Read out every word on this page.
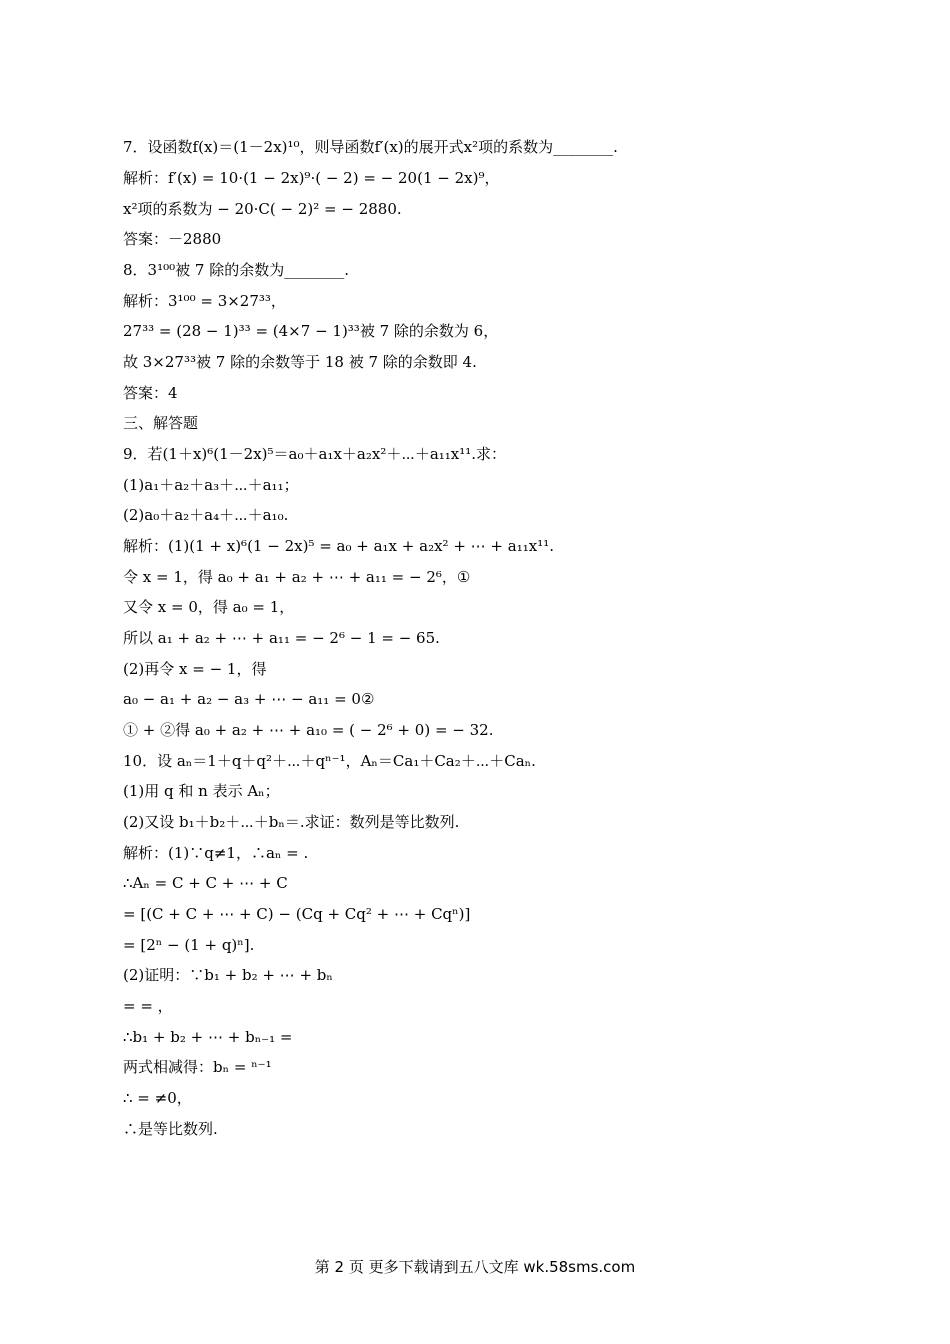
7．设函数f(x)＝(1－2x)¹⁰，则导函数f′(x)的展开式x²项的系数为________.
解析：f′(x) = 10·(1 − 2x)⁹·( − 2) = − 20(1 − 2x)⁹，
x²项的系数为 − 20·C( − 2)² = − 2880.
答案：－2880
8．3¹⁰⁰被 7 除的余数为________.
解析：3¹⁰⁰ = 3×27³³，
27³³ = (28 − 1)³³ = (4×7 − 1)³³被 7 除的余数为 6，
故 3×27³³被 7 除的余数等于 18 被 7 除的余数即 4.
答案：4
三、解答题
9．若(1＋x)⁶(1－2x)⁵＝a₀＋a₁x＋a₂x²＋⋯＋a₁₁x¹¹.求：
(1)a₁＋a₂＋a₃＋⋯＋a₁₁；
(2)a₀＋a₂＋a₄＋⋯＋a₁₀.
解析：(1)(1 + x)⁶(1 − 2x)⁵ = a₀ + a₁x + a₂x² + ⋯ + a₁₁x¹¹.
令 x = 1，得 a₀ + a₁ + a₂ + ⋯ + a₁₁ = − 2⁶，①
又令 x = 0，得 a₀ = 1，
所以 a₁ + a₂ + ⋯ + a₁₁ = − 2⁶ − 1 = − 65.
(2)再令 x = − 1，得
a₀ − a₁ + a₂ − a₃ + ⋯ − a₁₁ = 0②
① + ②得 a₀ + a₂ + ⋯ + a₁₀ = ( − 2⁶ + 0) = − 32.
10．设 aₙ＝1＋q＋q²＋⋯＋qⁿ⁻¹，Aₙ＝Ca₁＋Ca₂＋⋯＋Caₙ.
(1)用 q 和 n 表示 Aₙ；
(2)又设 b₁＋b₂＋⋯＋bₙ＝.求证：数列是等比数列.
解析：(1)∵q≠1，∴aₙ = .
∴Aₙ = C + C + ⋯ + C
= [(C + C + ⋯ + C) − (Cq + Cq² + ⋯ + Cqⁿ)]
= [2ⁿ − (1 + q)ⁿ].
(2)证明：∵b₁ + b₂ + ⋯ + bₙ
= = ，
∴b₁ + b₂ + ⋯ + bₙ₋₁ =
两式相减得：bₙ = ⁿ⁻¹
∴ = ≠0，
∴是等比数列.
第 2 页 更多下载请到五八文库 wk.58sms.com
